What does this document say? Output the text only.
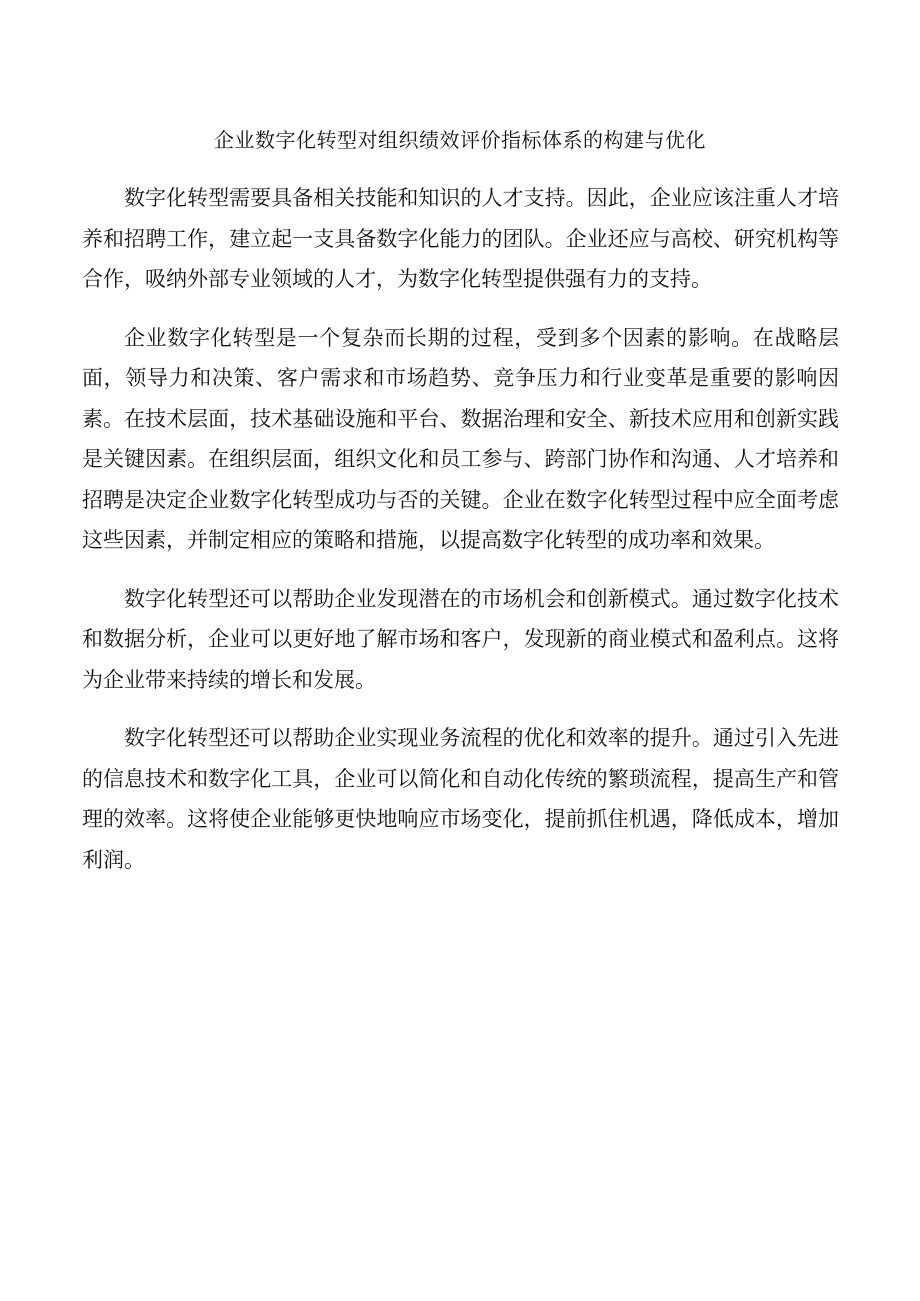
企业数字化转型对组织绩效评价指标体系的构建与优化

数字化转型需要具备相关技能和知识的人才支持。因此，企业应该注重人才培养和招聘工作，建立起一支具备数字化能力的团队。企业还应与高校、研究机构等合作，吸纳外部专业领域的人才，为数字化转型提供强有力的支持。

企业数字化转型是一个复杂而长期的过程，受到多个因素的影响。在战略层面，领导力和决策、客户需求和市场趋势、竞争压力和行业变革是重要的影响因素。在技术层面，技术基础设施和平台、数据治理和安全、新技术应用和创新实践是关键因素。在组织层面，组织文化和员工参与、跨部门协作和沟通、人才培养和招聘是决定企业数字化转型成功与否的关键。企业在数字化转型过程中应全面考虑这些因素，并制定相应的策略和措施，以提高数字化转型的成功率和效果。

数字化转型还可以帮助企业发现潜在的市场机会和创新模式。通过数字化技术和数据分析，企业可以更好地了解市场和客户，发现新的商业模式和盈利点。这将为企业带来持续的增长和发展。

数字化转型还可以帮助企业实现业务流程的优化和效率的提升。通过引入先进的信息技术和数字化工具，企业可以简化和自动化传统的繁琐流程，提高生产和管理的效率。这将使企业能够更快地响应市场变化，提前抓住机遇，降低成本，增加利润。
